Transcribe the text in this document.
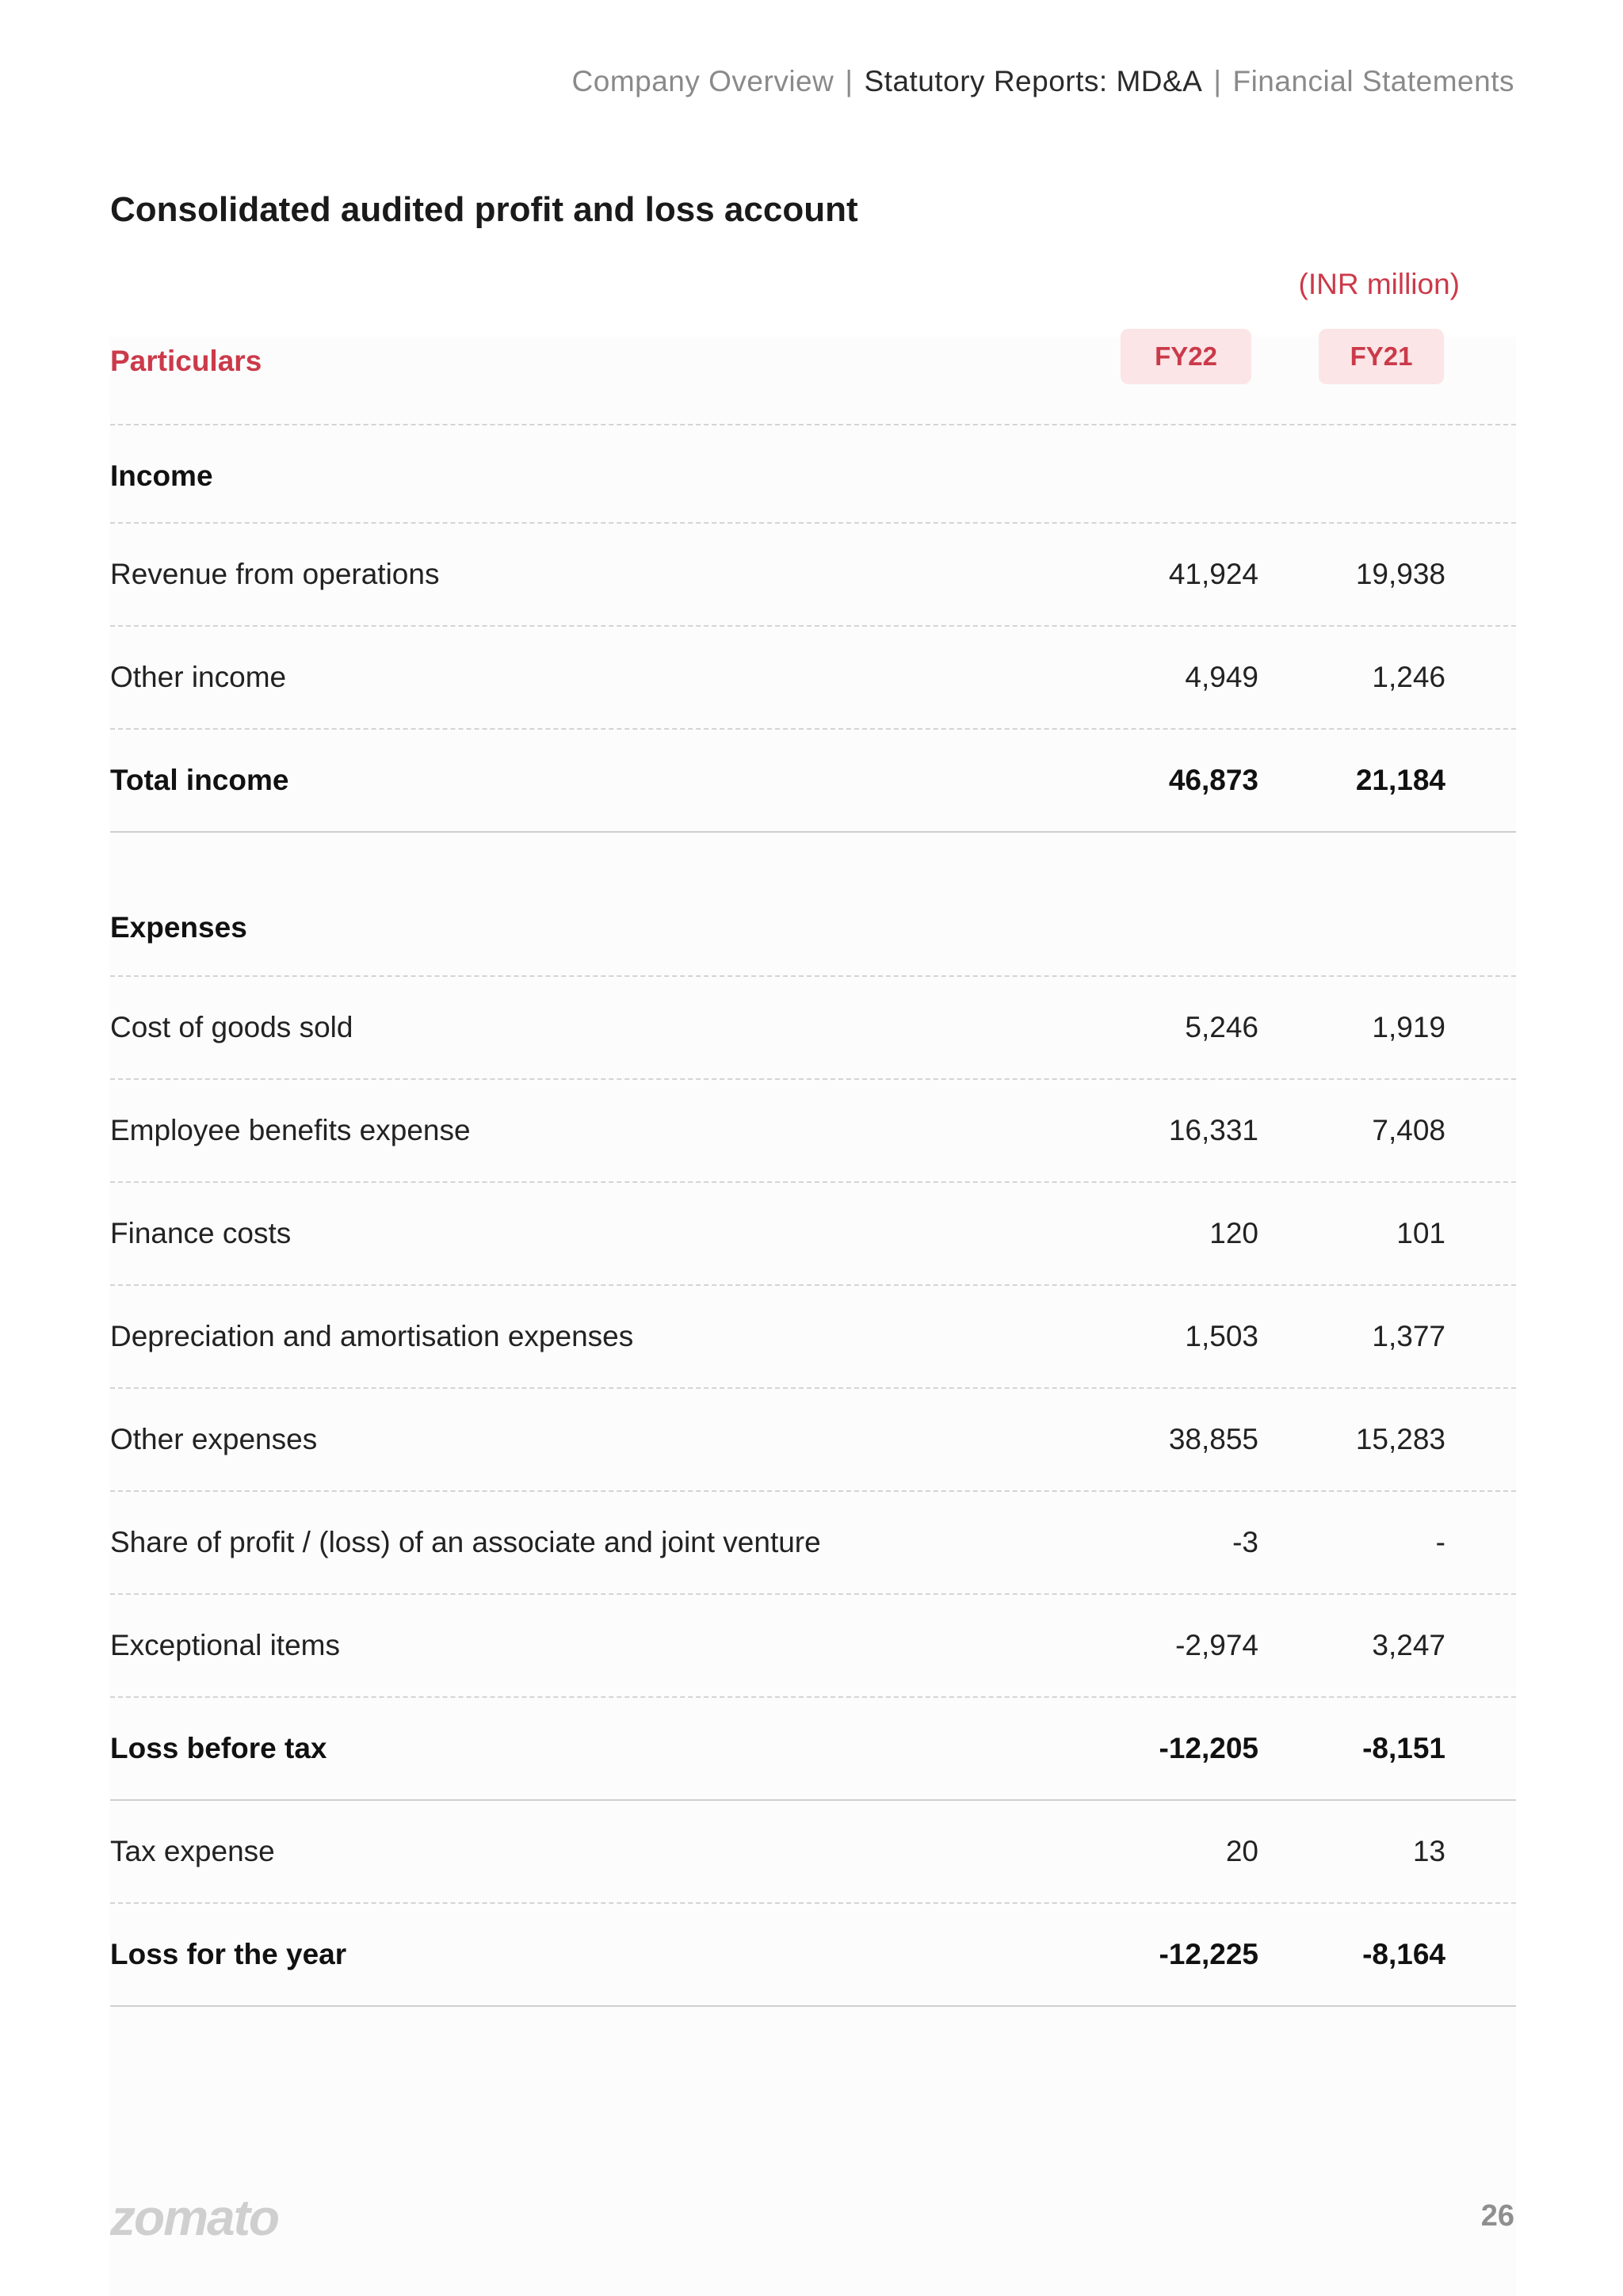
Company Overview | Statutory Reports: MD&A | Financial Statements
Consolidated audited profit and loss account
(INR million)
Particulars	FY22	FY21
Income
Revenue from operations	41,924	19,938
Other income	4,949	1,246
Total income	46,873	21,184
Expenses
Cost of goods sold	5,246	1,919
Employee benefits expense	16,331	7,408
Finance costs	120	101
Depreciation and amortisation expenses	1,503	1,377
Other expenses	38,855	15,283
Share of profit / (loss) of an associate and joint venture	-3	-
Exceptional items	-2,974	3,247
Loss before tax	-12,205	-8,151
Tax expense	20	13
Loss for the year	-12,225	-8,164
zomato	26
